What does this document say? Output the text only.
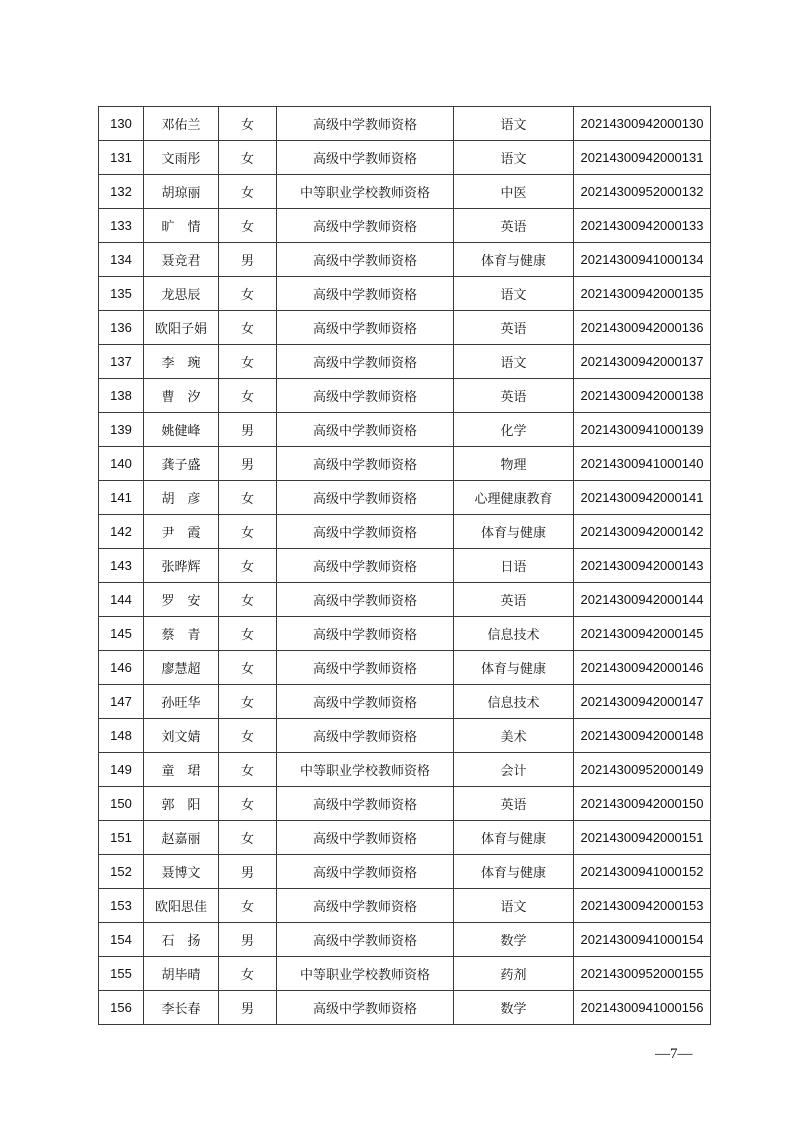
130	邓佑兰	女	高级中学教师资格	语文	20214300942000130
131	文雨彤	女	高级中学教师资格	语文	20214300942000131
132	胡琼丽	女	中等职业学校教师资格	中医	20214300952000132
133	旷　情	女	高级中学教师资格	英语	20214300942000133
134	聂竞君	男	高级中学教师资格	体育与健康	20214300941000134
135	龙思辰	女	高级中学教师资格	语文	20214300942000135
136	欧阳子娟	女	高级中学教师资格	英语	20214300942000136
137	李　琬	女	高级中学教师资格	语文	20214300942000137
138	曹　汐	女	高级中学教师资格	英语	20214300942000138
139	姚健峰	男	高级中学教师资格	化学	20214300941000139
140	龚子盛	男	高级中学教师资格	物理	20214300941000140
141	胡　彦	女	高级中学教师资格	心理健康教育	20214300942000141
142	尹　霞	女	高级中学教师资格	体育与健康	20214300942000142
143	张晔辉	女	高级中学教师资格	日语	20214300942000143
144	罗　安	女	高级中学教师资格	英语	20214300942000144
145	蔡　青	女	高级中学教师资格	信息技术	20214300942000145
146	廖慧超	女	高级中学教师资格	体育与健康	20214300942000146
147	孙旺华	女	高级中学教师资格	信息技术	20214300942000147
148	刘文婧	女	高级中学教师资格	美术	20214300942000148
149	童　珺	女	中等职业学校教师资格	会计	20214300952000149
150	郭　阳	女	高级中学教师资格	英语	20214300942000150
151	赵嘉丽	女	高级中学教师资格	体育与健康	20214300942000151
152	聂博文	男	高级中学教师资格	体育与健康	20214300941000152
153	欧阳思佳	女	高级中学教师资格	语文	20214300942000153
154	石　扬	男	高级中学教师资格	数学	20214300941000154
155	胡毕晴	女	中等职业学校教师资格	药剂	20214300952000155
156	李长春	男	高级中学教师资格	数学	20214300941000156
—7—
